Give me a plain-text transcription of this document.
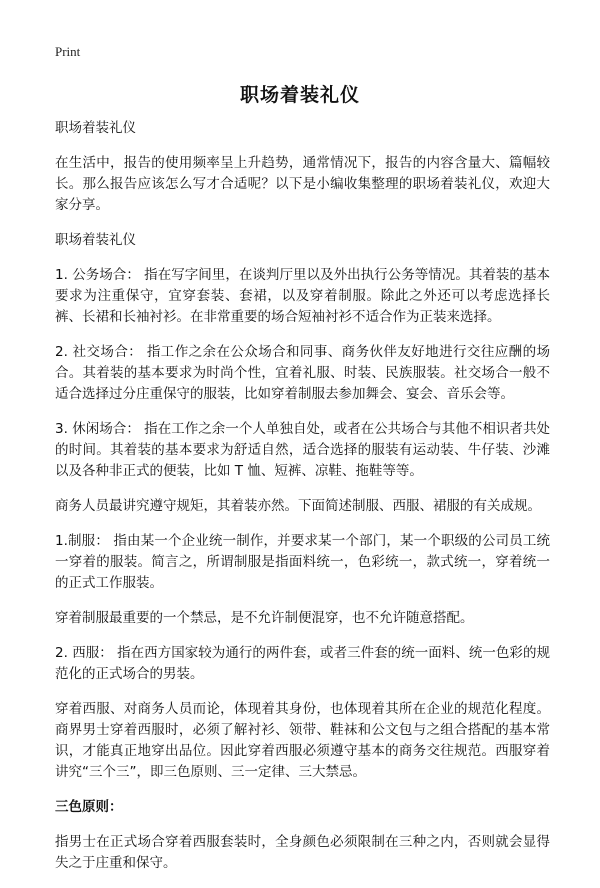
Print
职场着装礼仪

职场着装礼仪

在生活中，报告的使用频率呈上升趋势，通常情况下，报告的内容含量大、篇幅较长。那么报告应该怎么写才合适呢？以下是小编收集整理的职场着装礼仪，欢迎大家分享。

职场着装礼仪

1. 公务场合： 指在写字间里，在谈判厅里以及外出执行公务等情况。其着装的基本要求为注重保守，宜穿套装、套裙，以及穿着制服。除此之外还可以考虑选择长裤、长裙和长袖衬衫。在非常重要的场合短袖衬衫不适合作为正装来选择。

2. 社交场合： 指工作之余在公众场合和同事、商务伙伴友好地进行交往应酬的场合。其着装的基本要求为时尚个性，宜着礼服、时装、民族服装。社交场合一般不适合选择过分庄重保守的服装，比如穿着制服去参加舞会、宴会、音乐会等。

3. 休闲场合： 指在工作之余一个人单独自处，或者在公共场合与其他不相识者共处的时间。其着装的基本要求为舒适自然，适合选择的服装有运动装、牛仔装、沙滩以及各种非正式的便装，比如 T 恤、短裤、凉鞋、拖鞋等等。

商务人员最讲究遵守规矩，其着装亦然。下面简述制服、西服、裙服的有关成规。

1.制服： 指由某一个企业统一制作，并要求某一个部门，某一个职级的公司员工统一穿着的服装。简言之，所谓制服是指面料统一，色彩统一，款式统一，穿着统一的正式工作服装。

穿着制服最重要的一个禁忌，是不允许制便混穿，也不允许随意搭配。

2. 西服： 指在西方国家较为通行的两件套，或者三件套的统一面料、统一色彩的规范化的正式场合的男装。

穿着西服、对商务人员而论，体现着其身份，也体现着其所在企业的规范化程度。商界男士穿着西服时，必须了解衬衫、领带、鞋袜和公文包与之组合搭配的基本常识，才能真正地穿出品位。因此穿着西服必须遵守基本的商务交往规范。西服穿着讲究“三个三”，即三色原则、三一定律、三大禁忌。

三色原则：

指男士在正式场合穿着西服套装时，全身颜色必须限制在三种之内，否则就会显得失之于庄重和保守。
